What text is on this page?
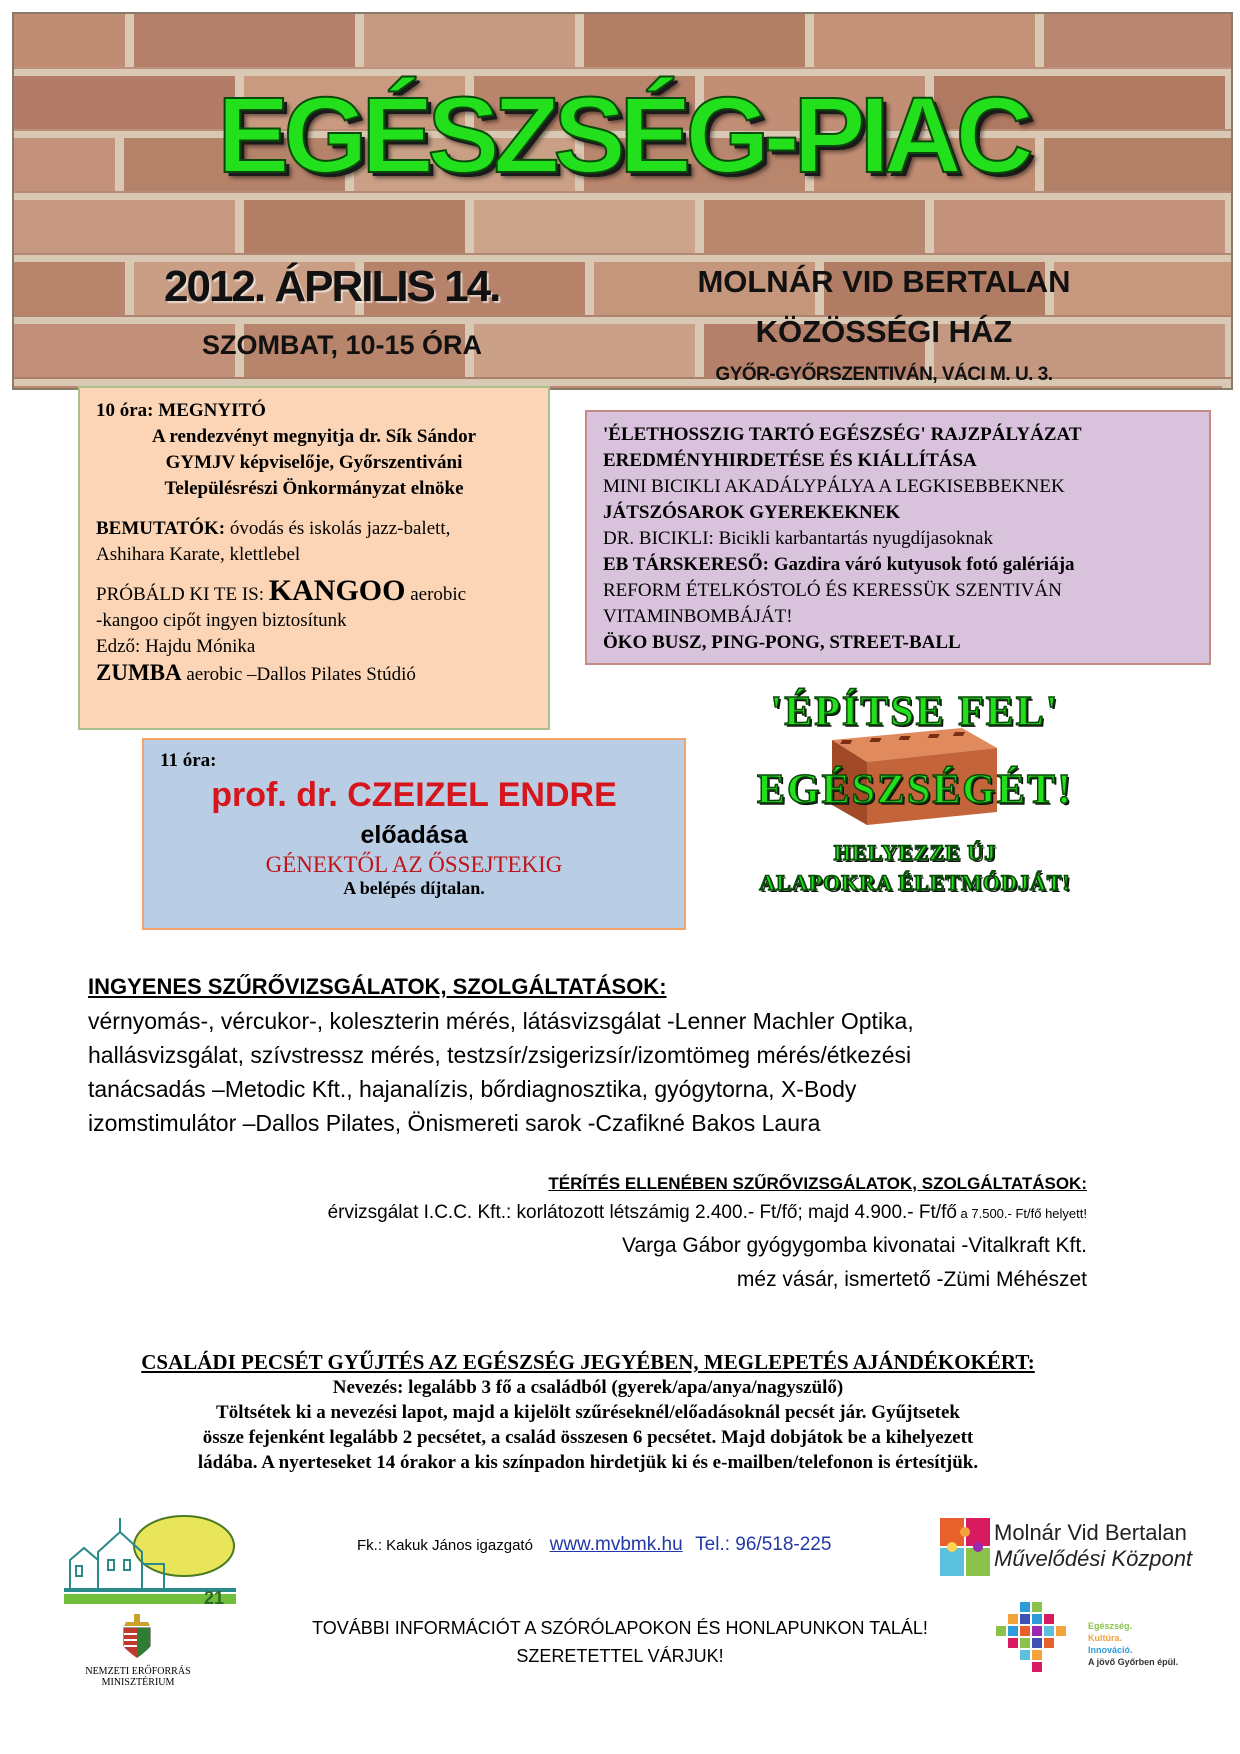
EGÉSZSÉG-PIAC
2012. ÁPRILIS 14.
SZOMBAT, 10-15 ÓRA
MOLNÁR VID BERTALAN
KÖZÖSSÉGI HÁZ
GYŐR-GYŐRSZENTIVÁN, VÁCI M. U. 3.
10 óra: MEGNYITÓ
A rendezvényt megnyitja dr. Sík Sándor
GYMJV képviselője, Győrszentiváni
Településrészi Önkormányzat elnöke
BEMUTATÓK: óvodás és iskolás jazz-balett,
Ashihara Karate, klettlebel
PRÓBÁLD KI TE IS: KANGOO aerobic
-kangoo cipőt ingyen biztosítunk
Edző: Hajdu Mónika
ZUMBA aerobic –Dallos Pilates Stúdió
'ÉLETHOSSZIG TARTÓ EGÉSZSÉG' RAJZPÁLYÁZAT
EREDMÉNYHIRDETÉSE ÉS KIÁLLÍTÁSA
MINI BICIKLI AKADÁLYPÁLYA A LEGKISEBBEKNEK
JÁTSZÓSAROK GYEREKEKNEK
DR. BICIKLI: Bicikli karbantartás nyugdíjasoknak
EB TÁRSKERESŐ: Gazdira váró kutyusok fotó galériája
REFORM ÉTELKÓSTOLÓ ÉS KERESSÜK SZENTIVÁN
VITAMINBOMBÁJÁT!
ÖKO BUSZ, PING-PONG, STREET-BALL
11 óra:
prof. dr. CZEIZEL ENDRE
előadása
GÉNEKTŐL AZ ŐSSEJTEKIG
A belépés díjtalan.
'ÉPÍTSE FEL'
EGÉSZSÉGÉT!
HELYEZZE ÚJ
ALAPOKRA ÉLETMÓDJÁT!
INGYENES SZŰRŐVIZSGÁLATOK, SZOLGÁLTATÁSOK:
vérnyomás-, vércukor-, koleszterin mérés, látásvizsgálat -Lenner Machler Optika,
hallásvizsgálat, szívstressz mérés, testzsír/zsigerizsír/izomtömeg mérés/étkezési
tanácsadás –Metodic Kft., hajanalízis, bőrdiagnosztika, gyógytorna, X-Body
izomstimulátor –Dallos Pilates, Önismereti sarok -Czafikné Bakos Laura
TÉRÍTÉS ELLENÉBEN SZŰRŐVIZSGÁLATOK, SZOLGÁLTATÁSOK:
érvizsgálat I.C.C. Kft.: korlátozott létszámig 2.400.- Ft/fő; majd 4.900.- Ft/fő a 7.500.- Ft/fő helyett!
Varga Gábor gyógygomba kivonatai -Vitalkraft Kft.
méz vásár, ismertető -Zümi Méhészet
CSALÁDI PECSÉT GYŰJTÉS AZ EGÉSZSÉG JEGYÉBEN, MEGLEPETÉS AJÁNDÉKOKÉRT:
Nevezés: legalább 3 fő a családból (gyerek/apa/anya/nagyszülő)
Töltsétek ki a nevezési lapot, majd a kijelölt szűréseknél/előadásoknál pecsét jár. Gyűjtsetek
össze fejenként legalább 2 pecsétet, a család összesen 6 pecsétet. Majd dobjátok be a kihelyezett
ládába. A nyerteseket 14 órakor a kis színpadon hirdetjük ki és e-mailben/telefonon is értesítjük.
21
Fk.: Kakuk János igazgató www.mvbmk.hu Tel.: 96/518-225	Molnár Vid Bertalan
Művelődési Központ
TOVÁBBI INFORMÁCIÓT A SZÓRÓLAPOKON ÉS HONLAPUNKON TALÁL!
SZERETETTEL VÁRJUK!
NEMZETI ERŐFORRÁS MINISZTÉRIUM
Egészség.
Kultúra.
Innováció.
A jövő Győrben épül.
